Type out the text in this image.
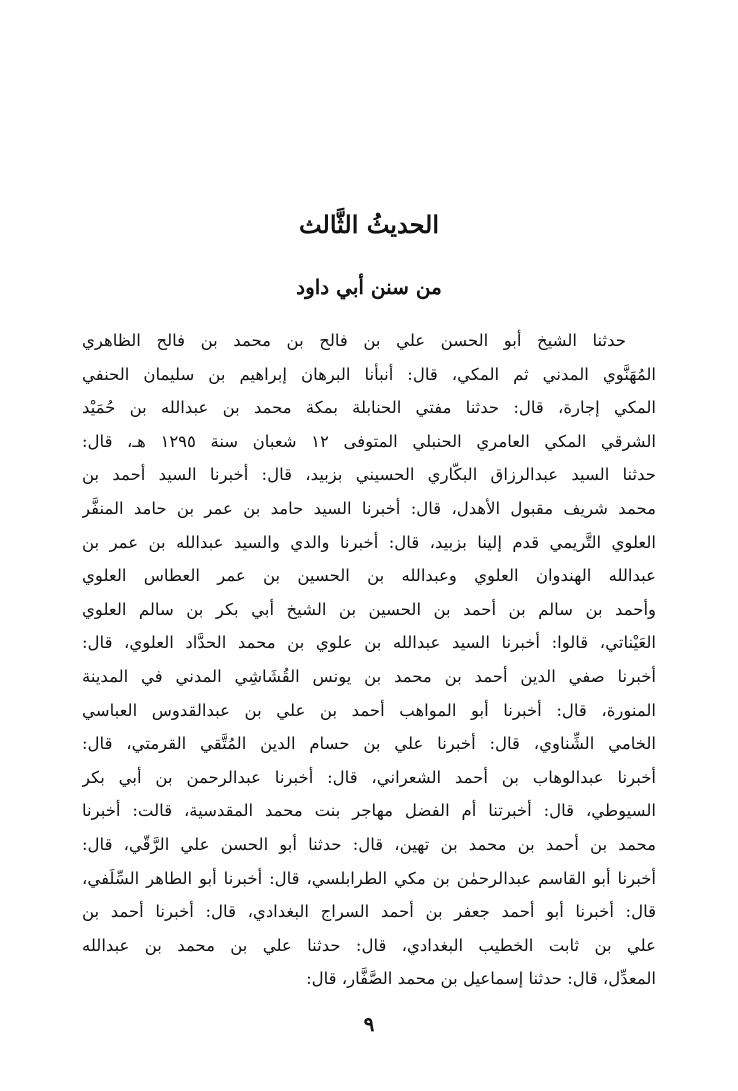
الحديثُ الثَّالث
من سنن أبي داود
حدثنا الشيخ أبو الحسن علي بن فالح بن محمد بن فالح الظاهري
المُهَنَّوي المدني ثم المكي، قال: أنبأنا البرهان إبراهيم بن سليمان الحنفي
المكي إجارة، قال: حدثنا مفتي الحنابلة بمكة محمد بن عبدالله بن حُمَيْد
الشرقي المكي العامري الحنبلي المتوفى ١٢ شعبان سنة ١٢٩٥ هـ، قال:
حدثنا السيد عبدالرزاق البكّاري الحسيني بزبيد، قال: أخبرنا السيد أحمد بن
محمد شريف مقبول الأهدل، قال: أخبرنا السيد حامد بن عمر بن حامد المنفَّر
العلوي التَّريمي قدم إلينا بزبيد، قال: أخبرنا والدي والسيد عبدالله بن عمر بن
عبدالله الهندوان العلوي وعبدالله بن الحسين بن عمر العطاس العلوي
وأحمد بن سالم بن أحمد بن الحسين بن الشيخ أبي بكر بن سالم العلوي
العَيْناتي، قالوا: أخبرنا السيد عبدالله بن علوي بن محمد الحدَّاد العلوي، قال:
أخبرنا صفي الدين أحمد بن محمد بن يونس القُشَاشِي المدني في المدينة
المنورة، قال: أخبرنا أبو المواهب أحمد بن علي بن عبدالقدوس العباسي
الخامي الشِّناوي، قال: أخبرنا علي بن حسام الدين المُتَّقي القرمتي، قال:
أخبرنا عبدالوهاب بن أحمد الشعراني، قال: أخبرنا عبدالرحمن بن أبي بكر
السيوطي، قال: أخبرتنا أم الفضل مهاجر بنت محمد المقدسية، قالت: أخبرنا
محمد بن أحمد بن محمد بن تهين، قال: حدثنا أبو الحسن علي الرَّقّي، قال:
أخبرنا أبو القاسم عبدالرحمٰن بن مكي الطرابلسي، قال: أخبرنا أبو الطاهر السِّلَفي،
قال: أخبرنا أبو أحمد جعفر بن أحمد السراج البغدادي، قال: أخبرنا أحمد بن
علي بن ثابت الخطيب البغدادي، قال: حدثنا علي بن محمد بن عبدالله
المعدِّل، قال: حدثنا إسماعيل بن محمد الصَّفَّار، قال:
٩
